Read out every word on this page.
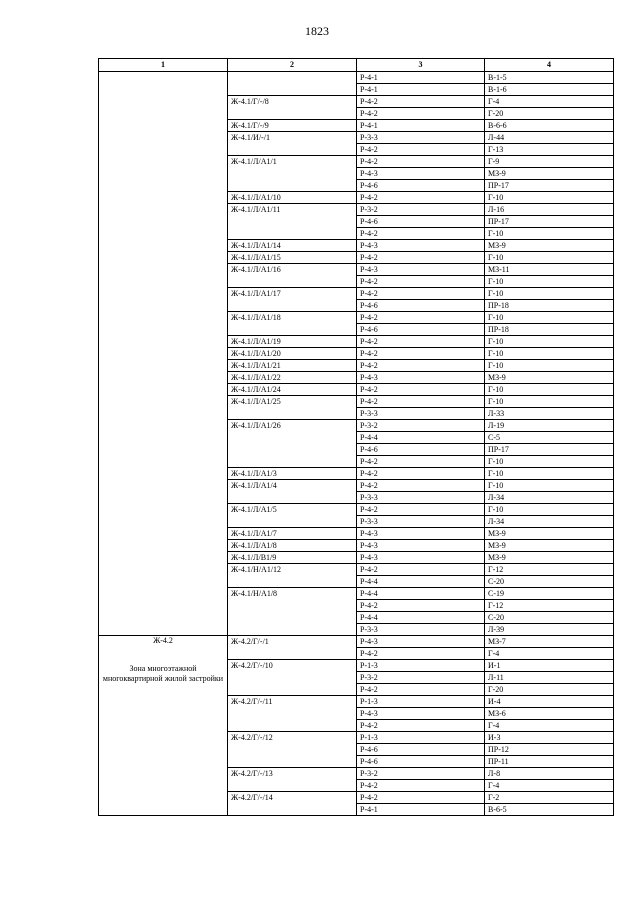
1823
1	2	3	4

		Р-4-1	В-1-5
		Р-4-1	В-1-6
	Ж-4.1/Г/-/8	Р-4-2	Г-4
		Р-4-2	Г-20
	Ж-4.1/Г/-/9	Р-4-1	В-6-6
	Ж-4.1/И/-/1	Р-3-3	Л-44
		Р-4-2	Г-13
	Ж-4.1/Л/А1/1	Р-4-2	Г-9
		Р-4-3	МЗ-9
		Р-4-6	ПР-17
	Ж-4.1/Л/А1/10	Р-4-2	Г-10
	Ж-4.1/Л/А1/11	Р-3-2	Л-16
		Р-4-6	ПР-17
		Р-4-2	Г-10
	Ж-4.1/Л/А1/14	Р-4-3	МЗ-9
	Ж-4.1/Л/А1/15	Р-4-2	Г-10
	Ж-4.1/Л/А1/16	Р-4-3	МЗ-11
		Р-4-2	Г-10
	Ж-4.1/Л/А1/17	Р-4-2	Г-10
		Р-4-6	ПР-18
	Ж-4.1/Л/А1/18	Р-4-2	Г-10
		Р-4-6	ПР-18
	Ж-4.1/Л/А1/19	Р-4-2	Г-10
	Ж-4.1/Л/А1/20	Р-4-2	Г-10
	Ж-4.1/Л/А1/21	Р-4-2	Г-10
	Ж-4.1/Л/А1/22	Р-4-3	МЗ-9
	Ж-4.1/Л/А1/24	Р-4-2	Г-10
	Ж-4.1/Л/А1/25	Р-4-2	Г-10
		Р-3-3	Л-33
	Ж-4.1/Л/А1/26	Р-3-2	Л-19
		Р-4-4	С-5
		Р-4-6	ПР-17
		Р-4-2	Г-10
	Ж-4.1/Л/А1/3	Р-4-2	Г-10
	Ж-4.1/Л/А1/4	Р-4-2	Г-10
		Р-3-3	Л-34
	Ж-4.1/Л/А1/5	Р-4-2	Г-10
		Р-3-3	Л-34
	Ж-4.1/Л/А1/7	Р-4-3	МЗ-9
	Ж-4.1/Л/А1/8	Р-4-3	МЗ-9
	Ж-4.1/Л/В1/9	Р-4-3	МЗ-9
	Ж-4.1/Н/А1/12	Р-4-2	Г-12
		Р-4-4	С-20
	Ж-4.1/Н/А1/8	Р-4-4	С-19
		Р-4-2	Г-12
		Р-4-4	С-20
		Р-3-3	Л-39

Ж-4.2
Зона многоэтажной многоквартирной жилой застройки	Ж-4.2/Г/-/1	Р-4-3	МЗ-7
		Р-4-2	Г-4
	Ж-4.2/Г/-/10	Р-1-3	И-1
		Р-3-2	Л-11
		Р-4-2	Г-20
	Ж-4.2/Г/-/11	Р-1-3	И-4
		Р-4-3	МЗ-6
		Р-4-2	Г-4
	Ж-4.2/Г/-/12	Р-1-3	И-3
		Р-4-6	ПР-12
		Р-4-6	ПР-11
	Ж-4.2/Г/-/13	Р-3-2	Л-8
		Р-4-2	Г-4
	Ж-4.2/Г/-/14	Р-4-2	Г-2
		Р-4-1	В-6-5
